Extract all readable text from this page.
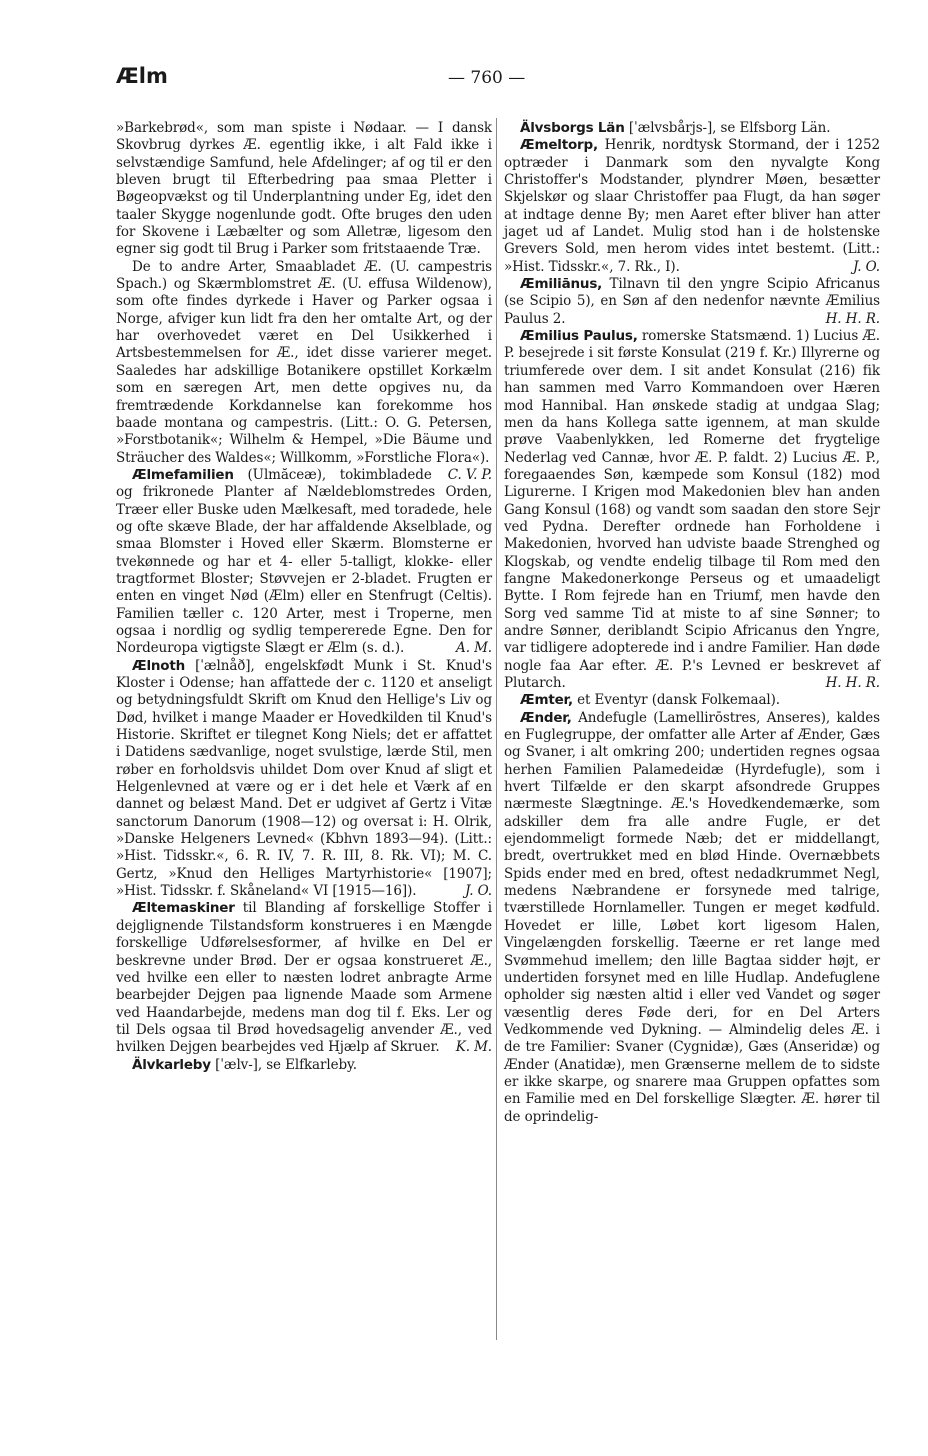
Ælm	— 760 —

»Barkebrød«, som man spiste i Nødaar. — I dansk Skovbrug dyrkes Æ. egentlig ikke, i alt Fald ikke i selvstændige Samfund, hele Afdelinger; af og til er den bleven brugt til Efterbedring paa smaa Pletter i Bøgeopvækst og til Underplantning under Eg, idet den taaler Skygge nogenlunde godt. Ofte bruges den uden for Skovene i Læbælter og som Alletræ, ligesom den egner sig godt til Brug i Parker som fritstaaende Træ.

De to andre Arter, Smaabladet Æ. (U. campestris Spach.) og Skærmblomstret Æ. (U. effusa Wildenow), som ofte findes dyrkede i Haver og Parker ogsaa i Norge, afviger kun lidt fra den her omtalte Art, og der har overhovedet været en Del Usikkerhed i Artsbestemmelsen for Æ., idet disse varierer meget. Saaledes har adskillige Botanikere opstillet Korkælm som en særegen Art, men dette opgives nu, da fremtrædende Korkdannelse kan forekomme hos baade montana og campestris. (Litt.: O. G. Petersen, »Forstbotanik«; Wilhelm & Hempel, »Die Bäume und Sträucher des Waldes«; Willkomm, »Forstliche Flora«).
C. V. P.

Ælmefamilien (Ulmăceæ), tokimbladede og frikronede Planter af Nældeblomstredes Orden, Træer eller Buske uden Mælkesaft, med toradede, hele og ofte skæve Blade, der har affaldende Akselblade, og smaa Blomster i Hoved eller Skærm. Blomsterne er tvekønnede og har et 4- eller 5-talligt, klokke- eller tragtformet Bloster; Støvvejen er 2-bladet. Frugten er enten en vinget Nød (Ælm) eller en Stenfrugt (Celtis). Familien tæller c. 120 Arter, mest i Troperne, men ogsaa i nordlig og sydlig tempererede Egne. Den for Nordeuropa vigtigste Slægt er Ælm (s. d.).	A. M.

Ælnoth [ˈælnåð], engelskfødt Munk i St. Knud's Kloster i Odense; han affattede der c. 1120 et anseligt og betydningsfuldt Skrift om Knud den Hellige's Liv og Død, hvilket i mange Maader er Hovedkilden til Knud's Historie. Skriftet er tilegnet Kong Niels; det er affattet i Datidens sædvanlige, noget svulstige, lærde Stil, men røber en forholdsvis uhildet Dom over Knud af sligt et Helgenlevned at være og er i det hele et Værk af en dannet og belæst Mand. Det er udgivet af Gertz i Vitæ sanctorum Danorum (1908—12) og oversat i: H. Olrik, »Danske Helgeners Levned« (Kbhvn 1893—94). (Litt.: »Hist. Tidsskr.«, 6. R. IV, 7. R. III, 8. Rk. VI); M. C. Gertz, »Knud den Helliges Martyrhistorie« [1907]; »Hist. Tidsskr. f. Skåneland« VI [1915—16]).	J. O.

Æltemaskiner til Blanding af forskellige Stoffer i dejglignende Tilstandsform konstrueres i en Mængde forskellige Udførelsesformer, af hvilke en Del er beskrevne under Brød. Der er ogsaa konstrueret Æ., ved hvilke een eller to næsten lodret anbragte Arme bearbejder Dejgen paa lignende Maade som Armene ved Haandarbejde, medens man dog til f. Eks. Ler og til Dels ogsaa til Brød hovedsagelig anvender Æ., ved hvilken Dejgen bearbejdes ved Hjælp af Skruer.	K. M.

Älvkarleby [ˈælv-], se Elfkarleby.

Älvsborgs Län [ˈælvsbårjs-], se Elfsborg Län.

Æmeltorp, Henrik, nordtysk Stormand, der i 1252 optræder i Danmark som den nyvalgte Kong Christoffer's Modstander, plyndrer Møen, besætter Skjelskør og slaar Christoffer paa Flugt, da han søger at indtage denne By; men Aaret efter bliver han atter jaget ud af Landet. Mulig stod han i de holstenske Grevers Sold, men herom vides intet bestemt. (Litt.: »Hist. Tidsskr.«, 7. Rk., I).	J. O.

Æmiliānus, Tilnavn til den yngre Scipio Africanus (se Scipio 5), en Søn af den nedenfor nævnte Æmilius Paulus 2.	H. H. R.

Æmilius Paulus, romerske Statsmænd. 1) Lucius Æ. P. besejrede i sit første Konsulat (219 f. Kr.) Illyrerne og triumferede over dem. I sit andet Konsulat (216) fik han sammen med Varro Kommandoen over Hæren mod Hannibal. Han ønskede stadig at undgaa Slag; men da hans Kollega satte igennem, at man skulde prøve Vaabenlykken, led Romerne det frygtelige Nederlag ved Cannæ, hvor Æ. P. faldt. 2) Lucius Æ. P., foregaaendes Søn, kæmpede som Konsul (182) mod Ligurerne. I Krigen mod Makedonien blev han anden Gang Konsul (168) og vandt som saadan den store Sejr ved Pydna. Derefter ordnede han Forholdene i Makedonien, hvorved han udviste baade Strenghed og Klogskab, og vendte endelig tilbage til Rom med den fangne Makedonerkonge Perseus og et umaadeligt Bytte. I Rom fejrede han en Triumf, men havde den Sorg ved samme Tid at miste to af sine Sønner; to andre Sønner, deriblandt Scipio Africanus den Yngre, var tidligere adopterede ind i andre Familier. Han døde nogle faa Aar efter. Æ. P.'s Levned er beskrevet af Plutarch.	H. H. R.

Æmter, et Eventyr (dansk Folkemaal).

Ænder, Andefugle (Lamellirōstres, Anseres), kaldes en Fuglegruppe, der omfatter alle Arter af Ænder, Gæs og Svaner, i alt omkring 200; undertiden regnes ogsaa herhen Familien Palamedeidæ (Hyrdefugle), som i hvert Tilfælde er den skarpt afsondrede Gruppes nærmeste Slægtninge. Æ.'s Hovedkendemærke, som adskiller dem fra alle andre Fugle, er det ejendommeligt formede Næb; det er middellangt, bredt, overtrukket med en blød Hinde. Overnæbbets Spids ender med en bred, oftest nedadkrummet Negl, medens Næbrandene er forsynede med talrige, tværstillede Hornlameller. Tungen er meget kødfuld. Hovedet er lille, Løbet kort ligesom Halen, Vingelængden forskellig. Tæerne er ret lange med Svømmehud imellem; den lille Bagtaa sidder højt, er undertiden forsynet med en lille Hudlap. Andefuglene opholder sig næsten altid i eller ved Vandet og søger væsentlig deres Føde deri, for en Del Arters Vedkommende ved Dykning. — Almindelig deles Æ. i de tre Familier: Svaner (Cygnidæ), Gæs (Anseridæ) og Ænder (Anatidæ), men Grænserne mellem de to sidste er ikke skarpe, og snarere maa Gruppen opfattes som en Familie med en Del forskellige Slægter. Æ. hører til de oprindelig-
